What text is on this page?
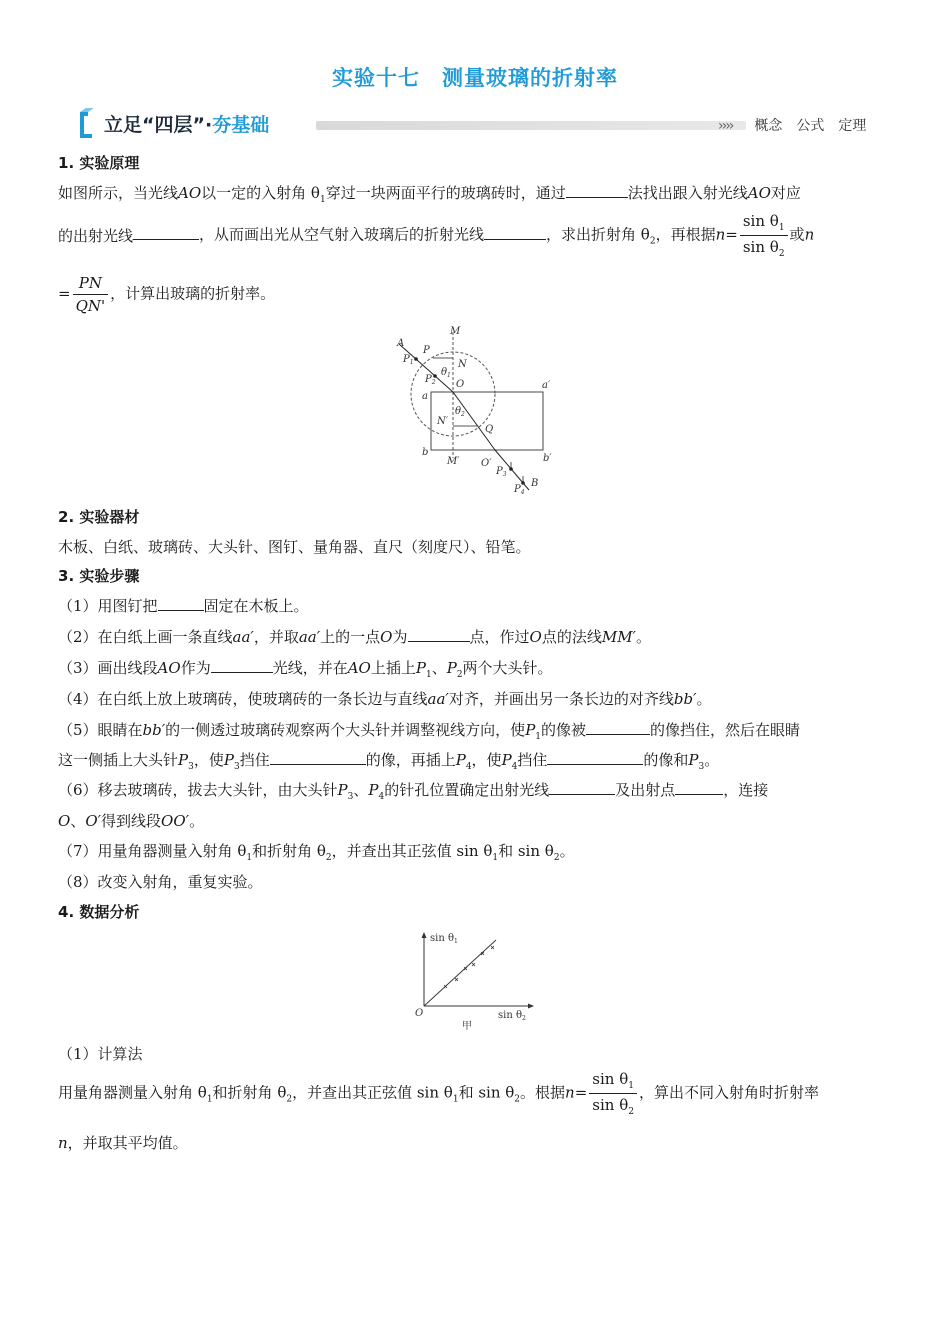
实验十七　测量玻璃的折射率
立足“四层”·夯基础	›››› 概念 公式 定理
1. 实验原理
如图所示，当光线AO以一定的入射角 $\theta_1$穿过一块两面平行的玻璃砖时，通过	法找出跟入射光线AO对应
的出射光线	，从而画出光从空气射入玻璃后的折射光线	，求出折射角 $\theta_2$，再根据$n= \frac{\sin \theta_1}{\sin \theta_2}$ 或n
= $\frac{PN}{QN'}$ ，计算出玻璃的折射率。
A
$P_1$
P
M
N
$P_2$
$\theta_1$
O
a
a′
$\theta_2$
N′
Q
b
M′ O′	b′
$P_3$
$P_4$
B
2. 实验器材
木板、白纸、玻璃砖、大头针、图钉、量角器、直尺（刻度尺）、铅笔。
3. 实验步骤
（1）用图钉把	固定在木板上。
（2）在白纸上画一条直线aa′，并取aa′上的一点O为	点，作过O点的法线MM′。
（3）画出线段AO作为	光线，并在AO上插上$P_1$、$P_2$两个大头针。
（4）在白纸上放上玻璃砖，使玻璃砖的一条长边与直线aa′对齐，并画出另一条长边的对齐线bb′。
（5）眼睛在bb′的一侧透过玻璃砖观察两个大头针并调整视线方向，使$P_1$的像被	的像挡住，然后在眼睛
这一侧插上大头针$P_3$，使$P_3$挡住	的像，再插上$P_4$，使$P_4$挡住	的像和$P_3$。
（6）移去玻璃砖，拔去大头针，由大头针$P_3$、$P_4$的针孔位置确定出射光线	及出射点	，连接
O、O′得到线段OO′。
（7）用量角器测量入射角 $\theta_1$和折射角 $\theta_2$，并查出其正弦值 $\sin \theta_1$和 $\sin \theta_2$。
（8）改变入射角，重复实验。
4. 数据分析
$\sin \theta_1$
$\sin \theta_2$
O
甲
（1）计算法
用量角器测量入射角 $\theta_1$和折射角 $\theta_2$，并查出其正弦值 $\sin \theta_1$和 $\sin \theta_2$。根据$n= \frac{\sin \theta_1}{\sin \theta_2}$ ，算出不同入射角时折射率
n，并取其平均值。
